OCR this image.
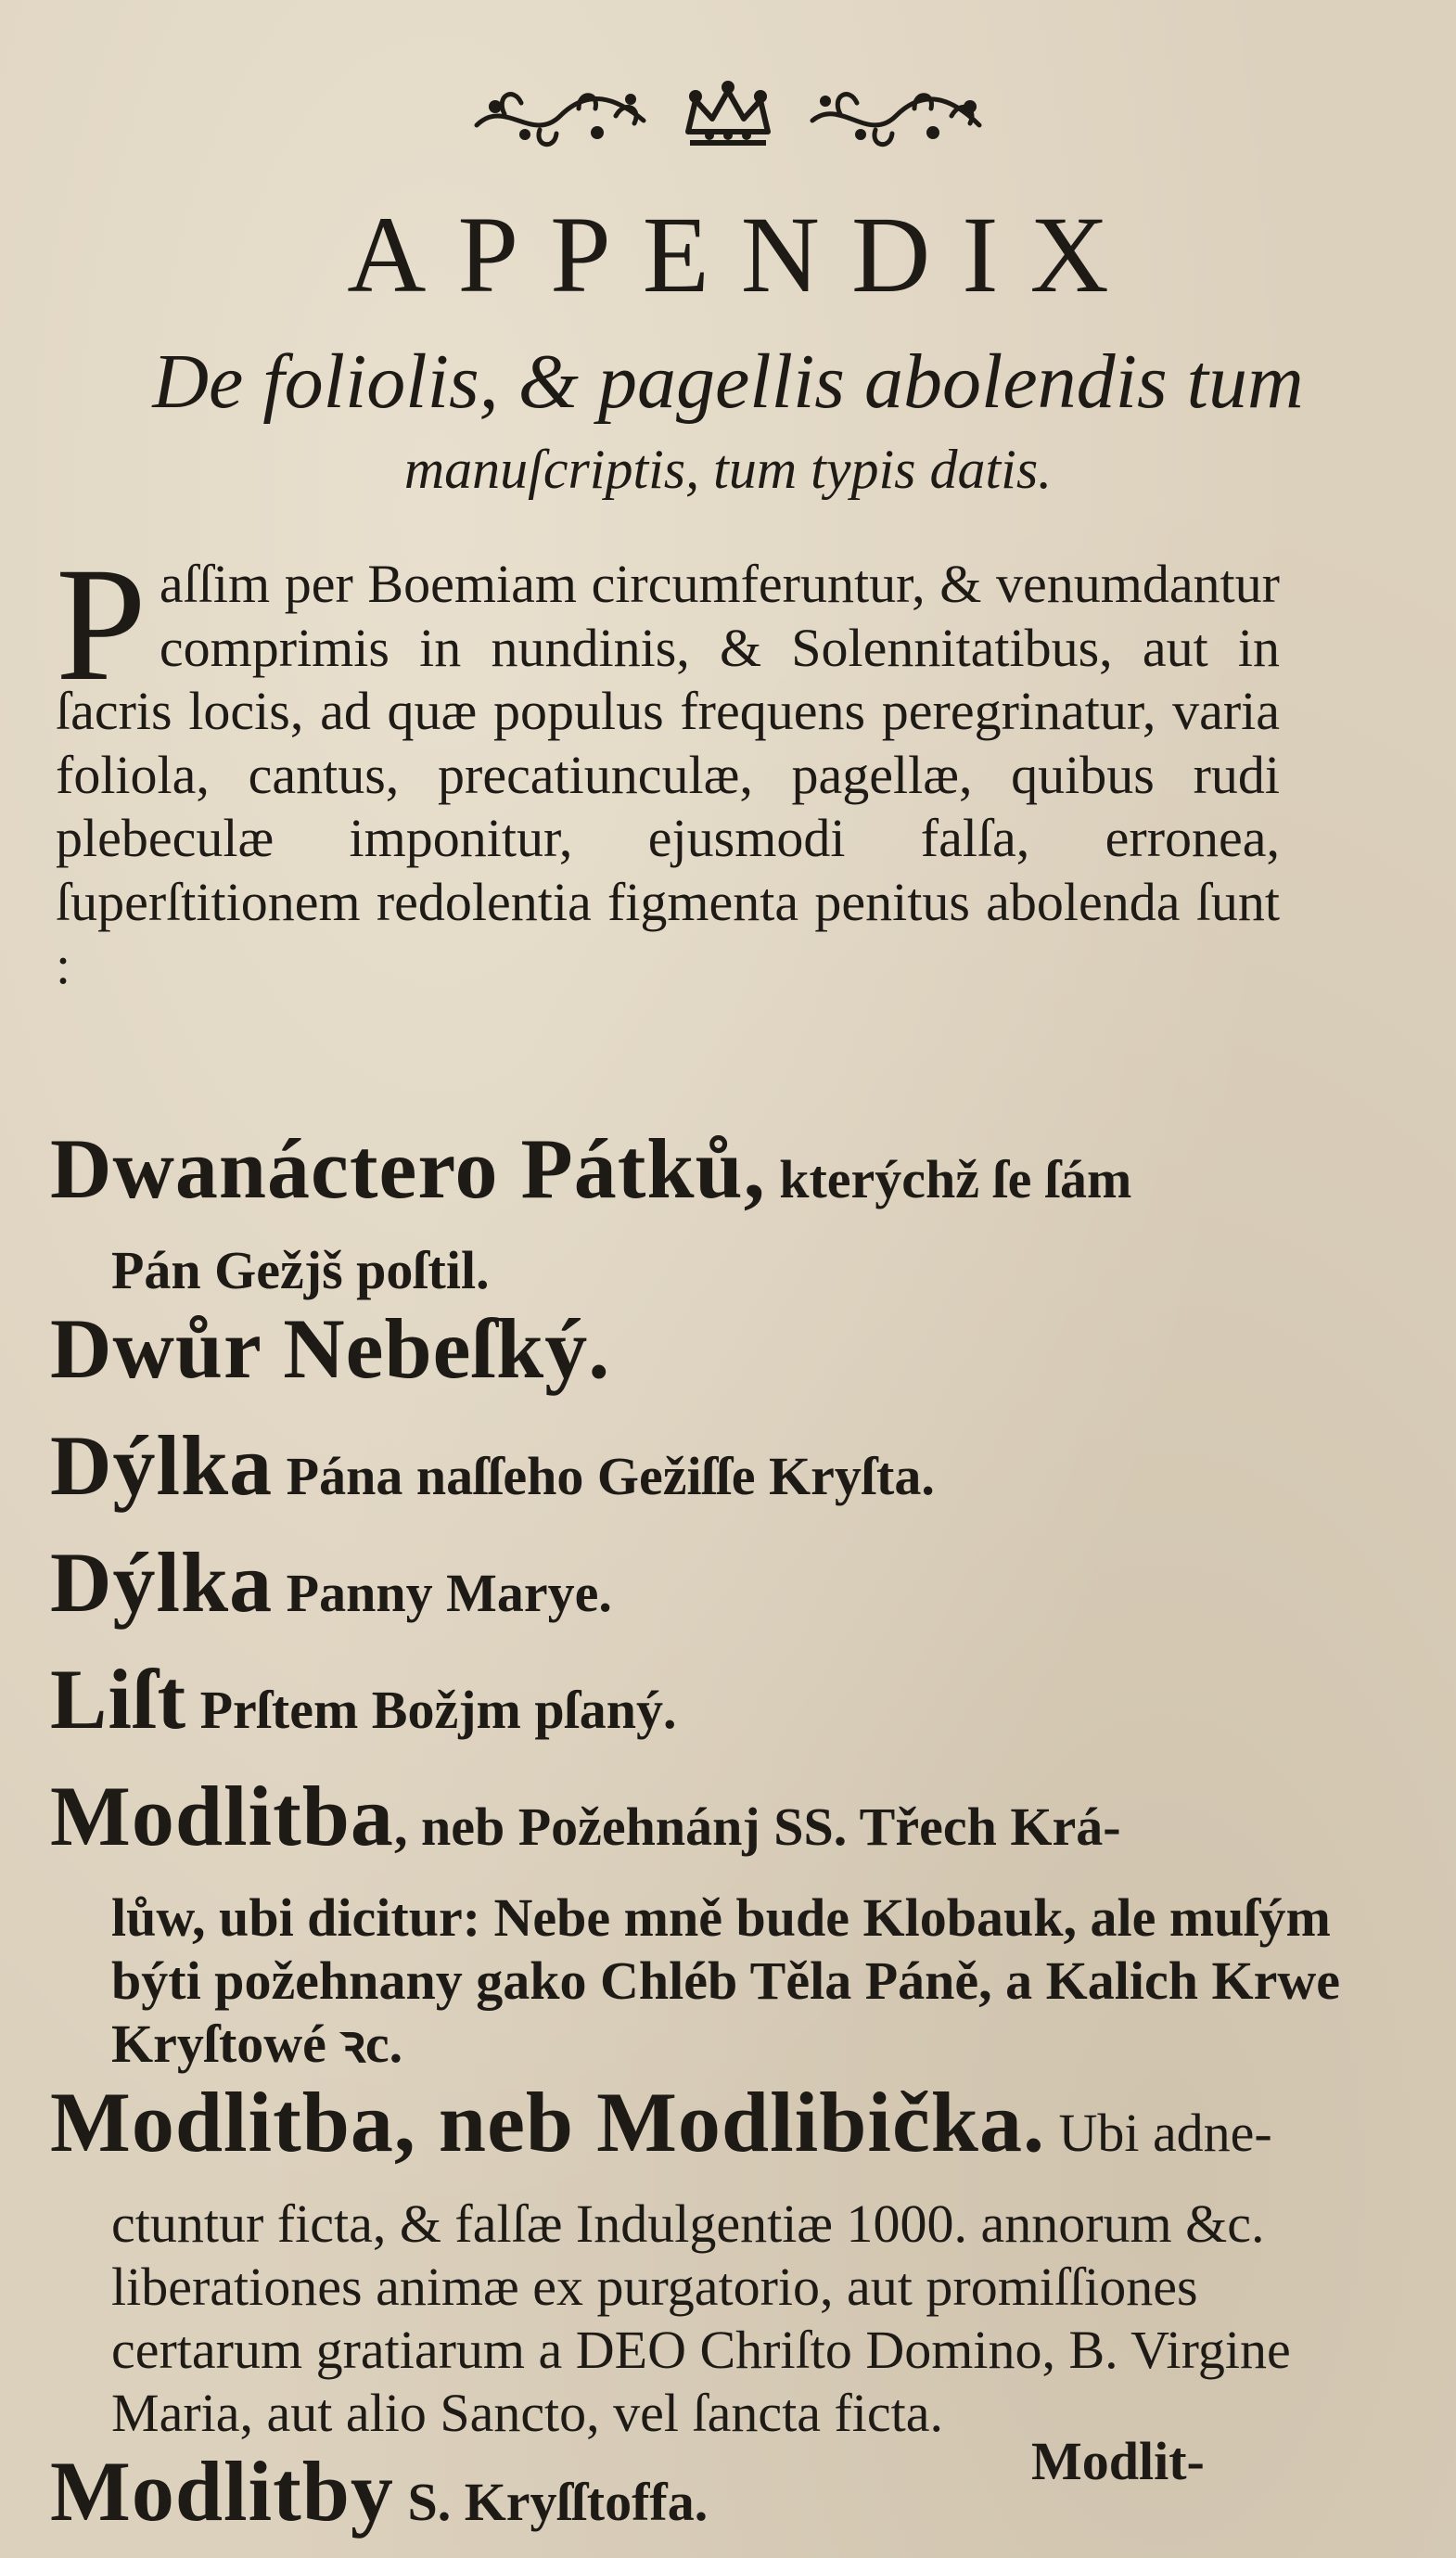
APPENDIX
De foliolis, & pagellis abolendis tum
manuſcriptis, tum typis datis.
P aſſim per Boemiam circumferuntur, & venumdantur comprimis in nundinis, & Solennitatibus, aut in ſacris locis, ad quæ populus frequens peregrinatur, varia foliola, cantus, precatiunculæ, pagellæ, quibus rudi plebeculæ imponitur, ejusmodi falſa, erronea, ſuperſtitionem redolentia figmenta penitus abolenda ſunt :
Dwanáctero Pátků, kterýchž ſe ſám
Pán Gežjš poſtil.
Dwůr Nebeſký.
Dýlka Pána naſſeho Gežiſſe Kryſta.
Dýlka Panny Marye.
Liſt Prſtem Božjm pſaný.
Modlitba, neb Požehnánj SS. Třech Krá-
lůw, ubi dicitur: Nebe mně bude Klobauk, ale muſým býti požehnany gako Chléb Těla Páně, a Kalich Krwe Kryſtowé ꝛc.
Modlitba, neb Modlibička. Ubi adne-
ctuntur ficta, & falſæ Indulgentiæ 1000. annorum &c. liberationes animæ ex purgatorio, aut promiſſiones certarum gratiarum a DEO Chriſto Domino, B. Virgine Maria, aut alio Sancto, vel ſancta ficta.
Modlitby S. Kryſſtoffa.
Modlit-
